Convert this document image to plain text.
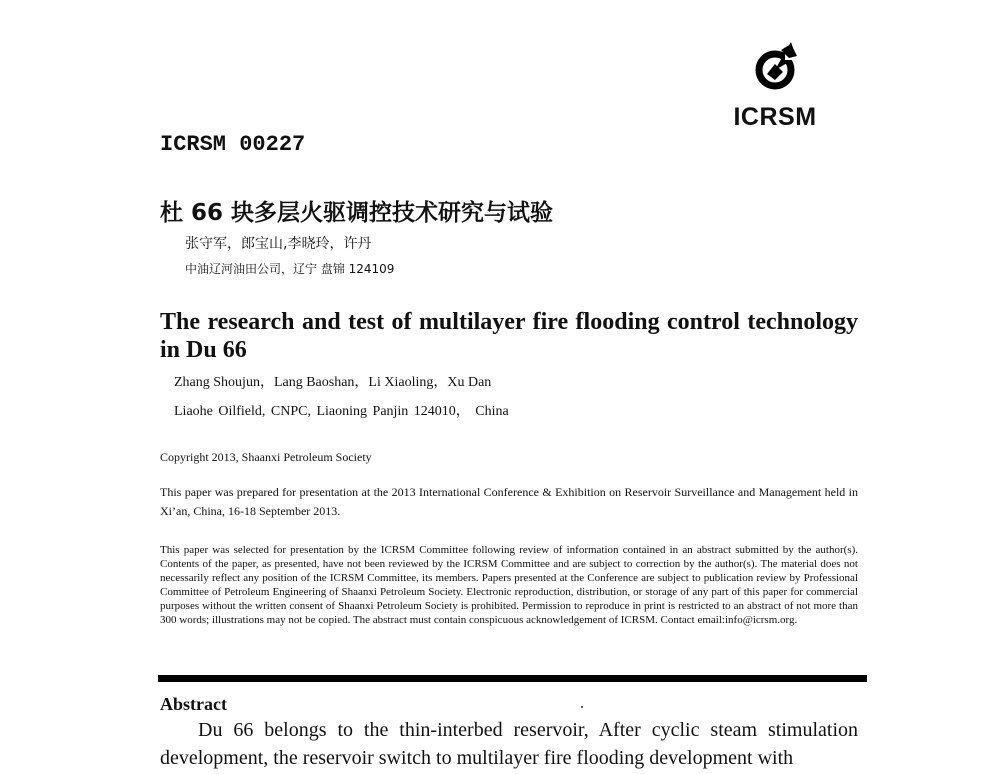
ICRSM
ICRSM 00227
杜 66 块多层火驱调控技术研究与试验
张守军，郎宝山,李晓玲，许丹
中油辽河油田公司，辽宁 盘锦 124109
The research and test of multilayer fire flooding control technology in Du 66
Zhang Shoujun，Lang Baoshan，Li Xiaoling，Xu Dan
Liaohe Oilfield, CNPC, Liaoning Panjin 124010， China
Copyright 2013, Shaanxi Petroleum Society
This paper was prepared for presentation at the 2013 International Conference & Exhibition on Reservoir Surveillance and Management held in Xi’an, China, 16-18 September 2013.
This paper was selected for presentation by the ICRSM Committee following review of information contained in an abstract submitted by the author(s). Contents of the paper, as presented, have not been reviewed by the ICRSM Committee and are subject to correction by the author(s). The material does not necessarily reflect any position of the ICRSM Committee, its members. Papers presented at the Conference are subject to publication review by Professional Committee of Petroleum Engineering of Shaanxi Petroleum Society. Electronic reproduction, distribution, or storage of any part of this paper for commercial purposes without the written consent of Shaanxi Petroleum Society is prohibited. Permission to reproduce in print is restricted to an abstract of not more than 300 words; illustrations may not be copied. The abstract must contain conspicuous acknowledgement of ICRSM. Contact email:info@icrsm.org.
Abstract
Du 66 belongs to the thin-interbed reservoir, After cyclic steam stimulation development, the reservoir switch to multilayer fire flooding development with
